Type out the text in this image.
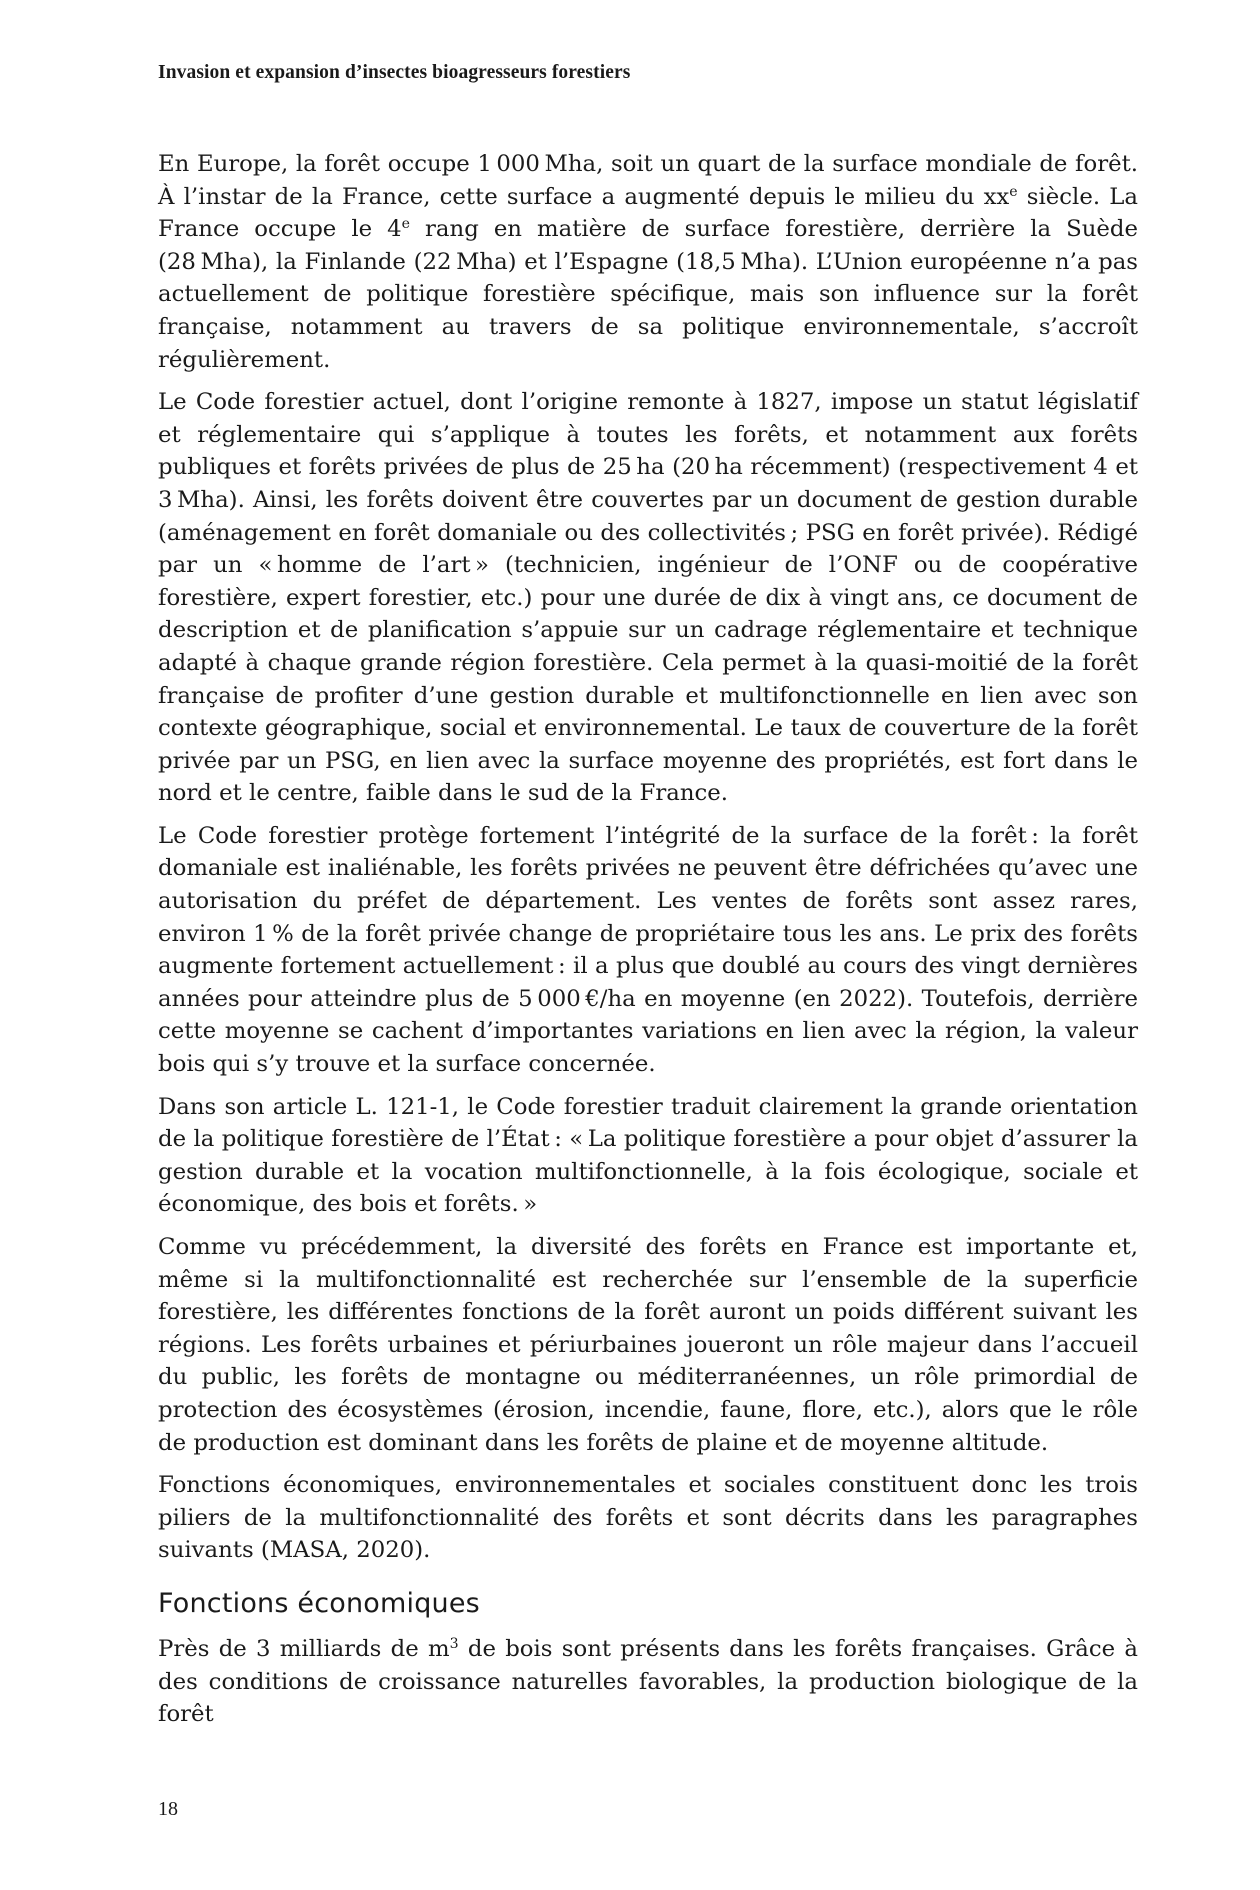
Invasion et expansion d’insectes bioagresseurs forestiers

En Europe, la forêt occupe 1 000 Mha, soit un quart de la surface mondiale de forêt. À l’instar de la France, cette surface a augmenté depuis le milieu du $xx^e$ siècle. La France occupe le 4e rang en matière de surface forestière, derrière la Suède (28 Mha), la Finlande (22 Mha) et l’Espagne (18,5 Mha). L’Union européenne n’a pas actuellement de politique forestière spécifique, mais son influence sur la forêt française, notamment au travers de sa politique environnementale, s’accroît régulièrement.

Le Code forestier actuel, dont l’origine remonte à 1827, impose un statut législatif et réglementaire qui s’applique à toutes les forêts, et notamment aux forêts publiques et forêts privées de plus de 25 ha (20 ha récemment) (respectivement 4 et 3 Mha). Ainsi, les forêts doivent être couvertes par un document de gestion durable (aménagement en forêt domaniale ou des collectivités ; PSG en forêt privée). Rédigé par un « homme de l’art » (technicien, ingénieur de l’ONF ou de coopérative forestière, expert forestier, etc.) pour une durée de dix à vingt ans, ce document de description et de planification s’appuie sur un cadrage réglementaire et technique adapté à chaque grande région forestière. Cela permet à la quasi-moitié de la forêt française de profiter d’une gestion durable et multifonctionnelle en lien avec son contexte géographique, social et environnemental. Le taux de couverture de la forêt privée par un PSG, en lien avec la surface moyenne des propriétés, est fort dans le nord et le centre, faible dans le sud de la France.

Le Code forestier protège fortement l’intégrité de la surface de la forêt : la forêt domaniale est inaliénable, les forêts privées ne peuvent être défrichées qu’avec une autorisation du préfet de département. Les ventes de forêts sont assez rares, environ 1 % de la forêt privée change de propriétaire tous les ans. Le prix des forêts augmente fortement actuellement : il a plus que doublé au cours des vingt dernières années pour atteindre plus de 5 000 €/ha en moyenne (en 2022). Toutefois, derrière cette moyenne se cachent d’importantes variations en lien avec la région, la valeur bois qui s’y trouve et la surface concernée.

Dans son article L. 121-1, le Code forestier traduit clairement la grande orientation de la politique forestière de l’État : « La politique forestière a pour objet d’assurer la gestion durable et la vocation multifonctionnelle, à la fois écologique, sociale et économique, des bois et forêts. »

Comme vu précédemment, la diversité des forêts en France est importante et, même si la multifonctionnalité est recherchée sur l’ensemble de la superficie forestière, les différentes fonctions de la forêt auront un poids différent suivant les régions. Les forêts urbaines et périurbaines joueront un rôle majeur dans l’accueil du public, les forêts de montagne ou méditerranéennes, un rôle primordial de protection des écosystèmes (érosion, incendie, faune, flore, etc.), alors que le rôle de production est dominant dans les forêts de plaine et de moyenne altitude.

Fonctions économiques, environnementales et sociales constituent donc les trois piliers de la multifonctionnalité des forêts et sont décrits dans les paragraphes suivants (MASA, 2020).

Fonctions économiques

Près de 3 milliards de $m^3$ de bois sont présents dans les forêts françaises. Grâce à des conditions de croissance naturelles favorables, la production biologique de la forêt

18
